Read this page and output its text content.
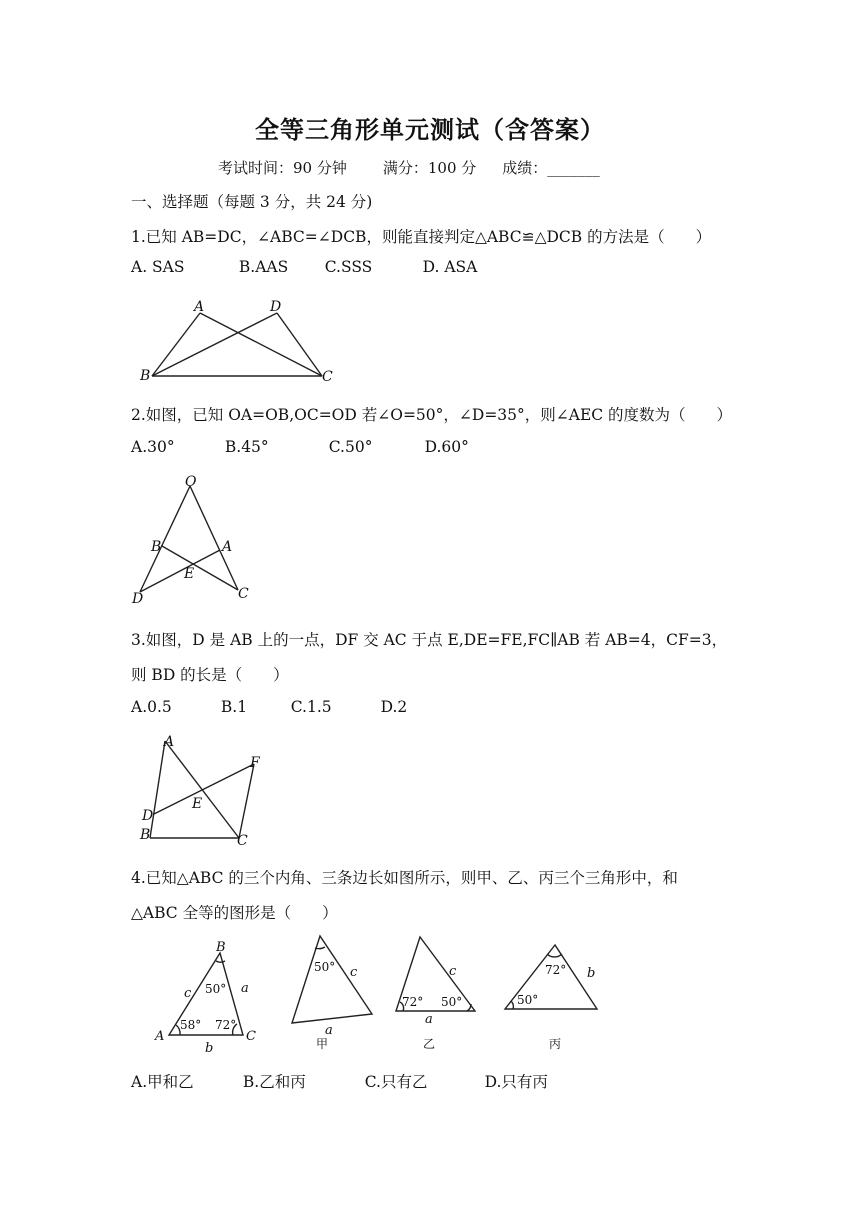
全等三角形单元测试（含答案）
考试时间：90 分钟 满分：100 分 成绩：_______
一、选择题（每题 3 分，共 24 分)
1.已知 AB=DC，∠ABC=∠DCB，则能直接判定△ABC≌△DCB 的方法是（　　）
A. SAS	B.AAS C.SSS	D. ASA
A	D
B	C
2.如图，已知 OA=OB,OC=OD 若∠O=50°，∠D=35°，则∠AEC 的度数为（　　）
A.30°	B.45°	C.50°	D.60°
O
B	A
E
D	C
3.如图，D 是 AB 上的一点，DF 交 AC 于点 E,DE=FE,FC∥AB 若 AB=4，CF=3，
则 BD 的长是（　　）
A.0.5	B.1	C.1.5	D.2
A
F
E
D
B	C
4.已知△ABC 的三个内角、三条边长如图所示，则甲、乙、丙三个三角形中，和
△ABC 全等的图形是（　　）
B
A	C
50°
58° 72°
c	a
b
50° c
a
甲
c
72° 50°
a
乙
72° b
50°
丙
A.甲和乙	B.乙和丙	C.只有乙	D.只有丙
